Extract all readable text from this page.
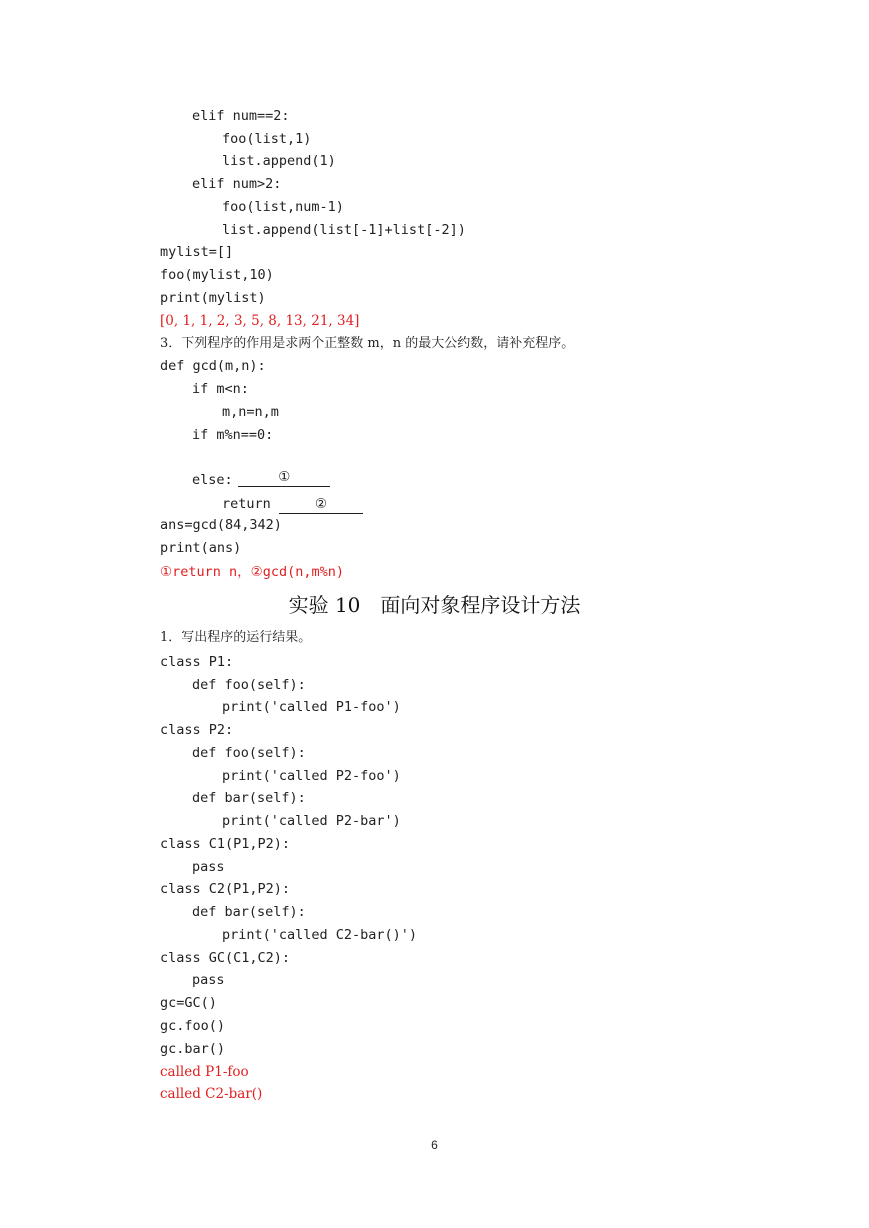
elif num==2:
foo(list,1)
list.append(1)
elif num>2:
foo(list,num-1)
list.append(list[-1]+list[-2])
mylist=[]
foo(mylist,10)
print(mylist)
[0, 1, 1, 2, 3, 5, 8, 13, 21, 34]
3．下列程序的作用是求两个正整数 m，n 的最大公约数，请补充程序。
def gcd(m,n):
if m<n:
m,n=n,m
if m%n==0:

①

else:
return	②
ans=gcd(84,342)
print(ans)
①return n，②gcd(n,m%n)
实验 10　面向对象程序设计方法
1．写出程序的运行结果。
class P1:
def foo(self):
print('called P1-foo')
class P2:
def foo(self):
print('called P2-foo')
def bar(self):
print('called P2-bar')
class C1(P1,P2):
pass
class C2(P1,P2):
def bar(self):
print('called C2-bar()')
class GC(C1,C2):
pass
gc=GC()
gc.foo()
gc.bar()
called P1-foo
called C2-bar()
6
